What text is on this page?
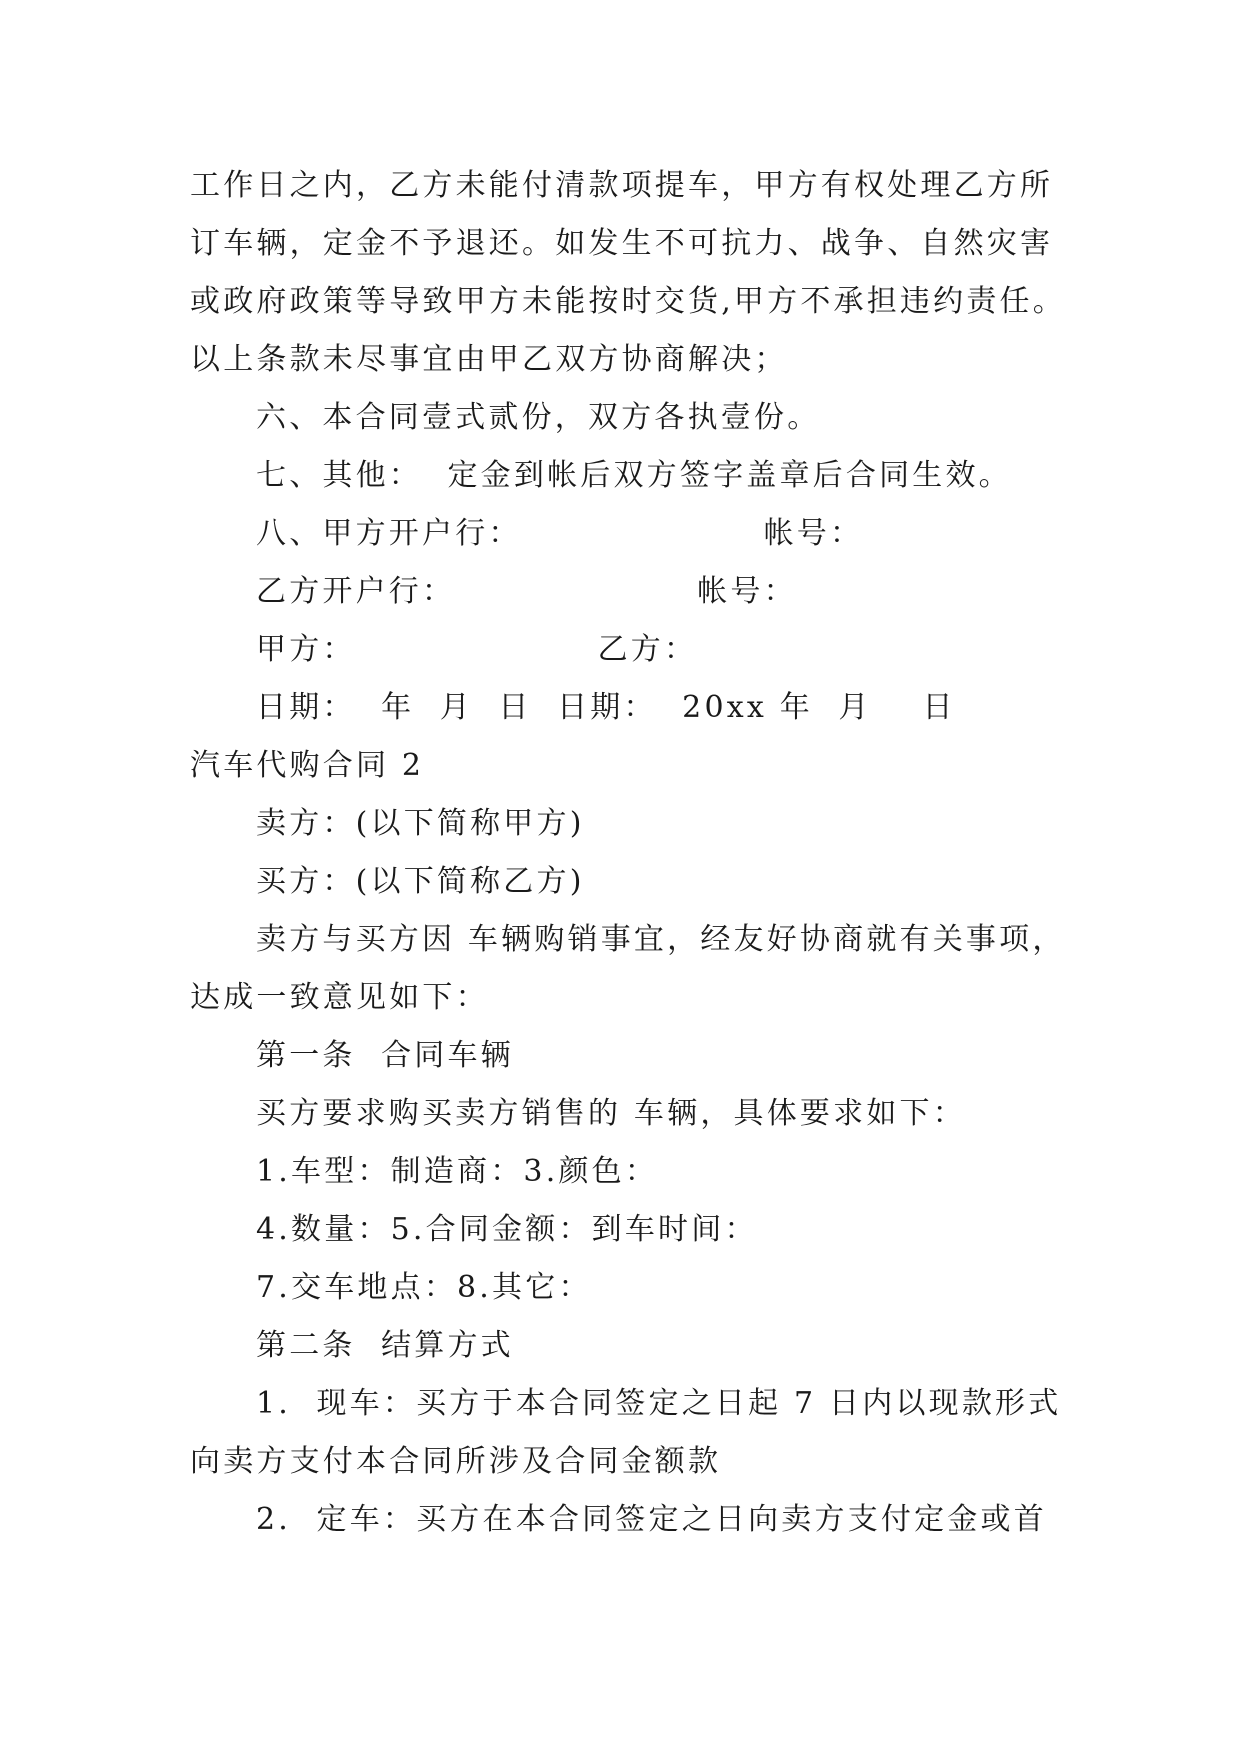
工作日之内，乙方未能付清款项提车，甲方有权处理乙方所
订车辆，定金不予退还。如发生不可抗力、战争、自然灾害
或政府政策等导致甲方未能按时交货,甲方不承担违约责任。
以上条款未尽事宜由甲乙双方协商解决；
六、本合同壹式贰份，双方各执壹份。
七、其他：  定金到帐后双方签字盖章后合同生效。
八、甲方开户行：                   帐号：
乙方开户行：                   帐号：
甲方：                   乙方：
日期：  年  月  日  日期：  20xx 年  月    日
汽车代购合同 2
卖方：(以下简称甲方)
买方：(以下简称乙方)
卖方与买方因 车辆购销事宜，经友好协商就有关事项，
达成一致意见如下：
第一条  合同车辆
买方要求购买卖方销售的 车辆，具体要求如下：
1.车型：制造商：3.颜色：
4.数量：5.合同金额：到车时间：
7.交车地点：8.其它：
第二条  结算方式
1.  现车：买方于本合同签定之日起 7 日内以现款形式
向卖方支付本合同所涉及合同金额款
2.  定车：买方在本合同签定之日向卖方支付定金或首
